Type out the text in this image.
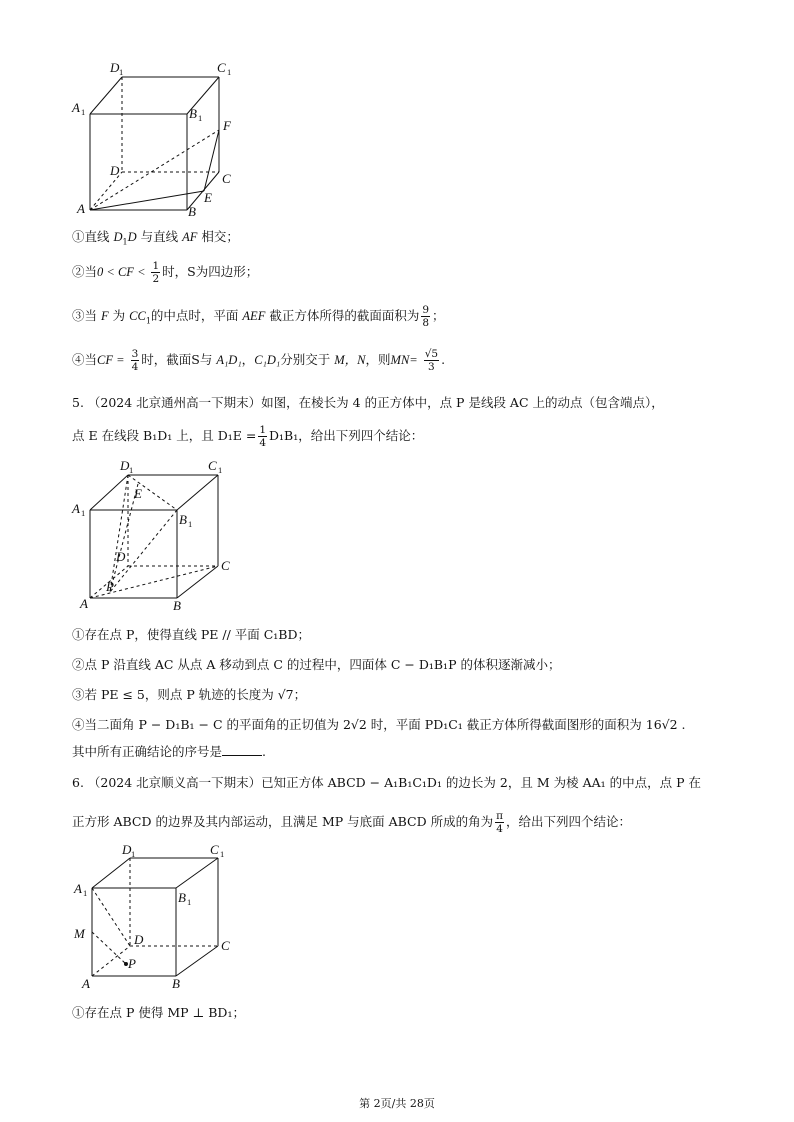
D 1	C 1
A 1	B 1 F
D
C
A
E
B
①直线 $D_1D$ 与直线 AF 相交；
②当0 < CF < $\frac{1}{2}$ 时，S为四边形；
③当 F 为 $CC_1$的中点时，平面 AEF 截正方体所得的截面面积为 $\frac{9}{8}$ ；
④当CF = $\frac{3}{4}$ 时，截面S与 A₁D₁，C₁D₁分别交于 M，N，则$MN= \frac{√5}{3}$ .
5. （2024 北京通州高一下期末）如图，在棱长为 4 的正方体中，点 P 是线段 AC 上的动点（包含端点），
点 E 在线段 B₁D₁ 上，且 $D_1E = \frac{1}{4} D_1B_1$，给出下列四个结论：
D 1	C 1
A 1	B 1
E
D
C
A
P
B
①存在点 P，使得直线 PE // 平面 C₁BD；
②点 P 沿直线 AC 从点 A 移动到点 C 的过程中，四面体 C − D₁B₁P 的体积逐渐减小；
③若 PE ≤ 5，则点 P 轨迹的长度为 √7；
④当二面角 P − D₁B₁ − C 的平面角的正切值为 2√2 时，平面 PD₁C₁ 截正方体所得截面图形的面积为 16√2 .
其中所有正确结论的序号是	.
6. （2024 北京顺义高一下期末）已知正方体 ABCD − A₁B₁C₁D₁ 的边长为 2，且 M 为棱 AA₁ 的中点，点 P 在
正方形 ABCD 的边界及其内部运动，且满足 MP 与底面 ABCD 所成的角为 $\frac{\pi}{4}$ ，给出下列四个结论：
D 1	C 1
A 1	B 1
M	D	C
P
A	B
①存在点 P 使得 MP ⊥ BD₁；
第 2页/共 28页
